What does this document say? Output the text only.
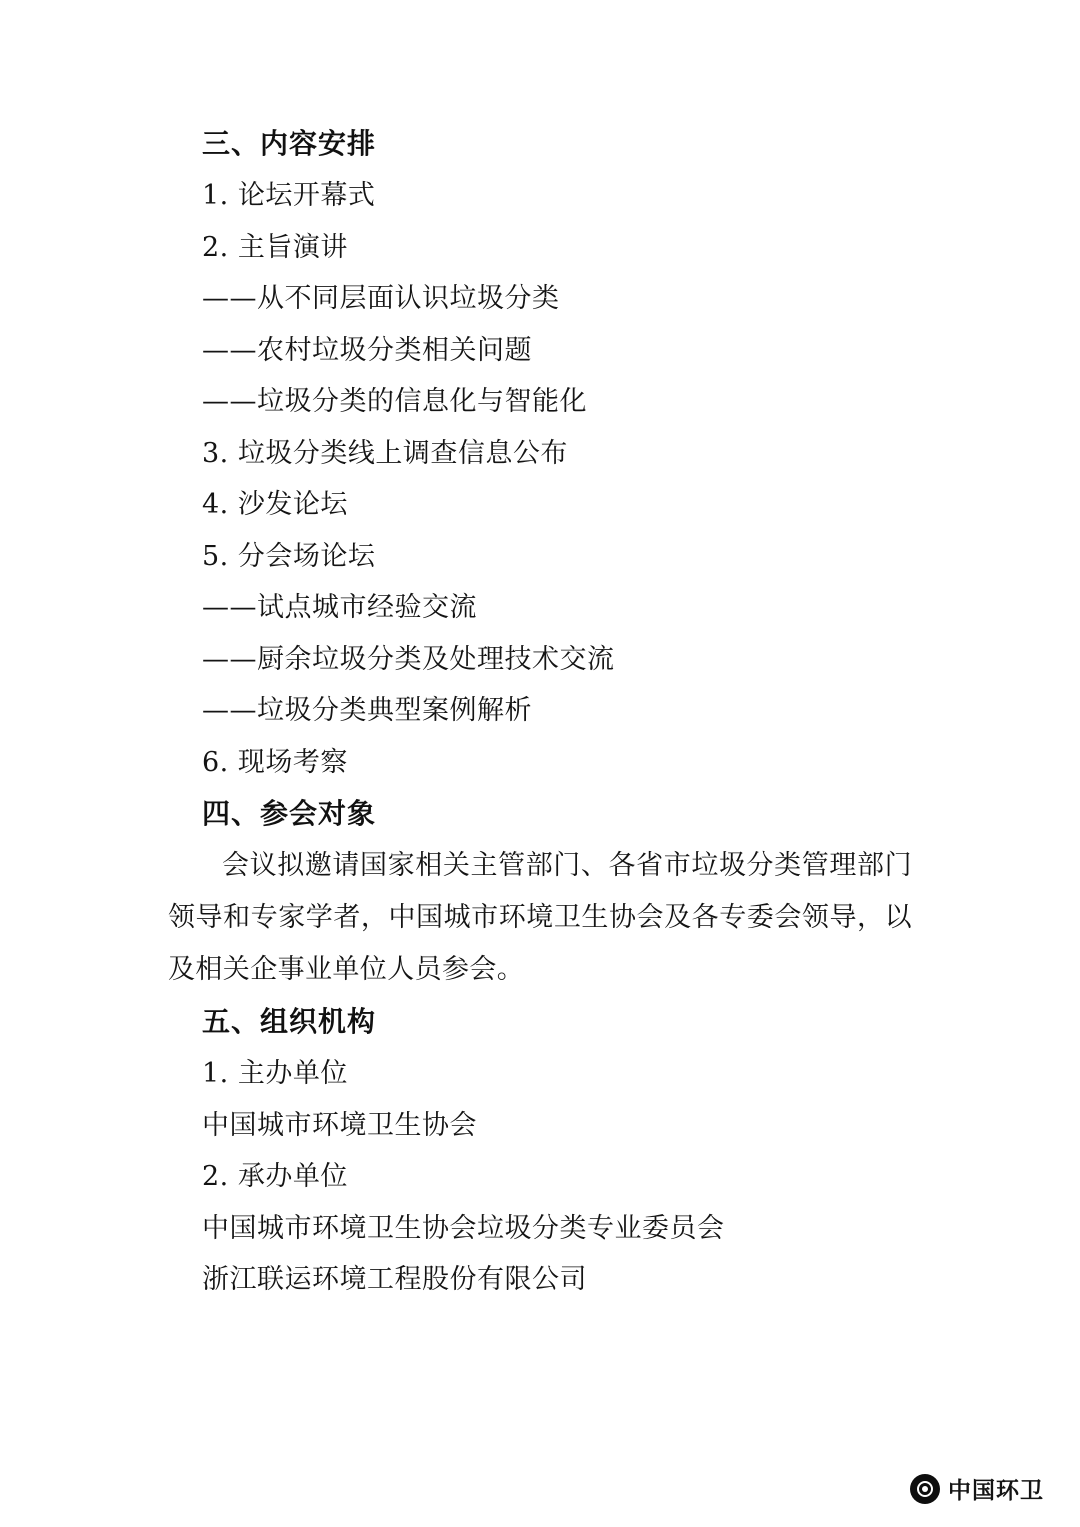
三、内容安排

1. 论坛开幕式

2. 主旨演讲

——从不同层面认识垃圾分类

——农村垃圾分类相关问题

——垃圾分类的信息化与智能化

3. 垃圾分类线上调查信息公布

4. 沙发论坛

5. 分会场论坛

——试点城市经验交流

——厨余垃圾分类及处理技术交流

——垃圾分类典型案例解析

6. 现场考察

四、参会对象

会议拟邀请国家相关主管部门、各省市垃圾分类管理部门领导和专家学者，中国城市环境卫生协会及各专委会领导，以及相关企事业单位人员参会。

五、组织机构

1. 主办单位

中国城市环境卫生协会

2. 承办单位

中国城市环境卫生协会垃圾分类专业委员会

浙江联运环境工程股份有限公司

中国环卫
